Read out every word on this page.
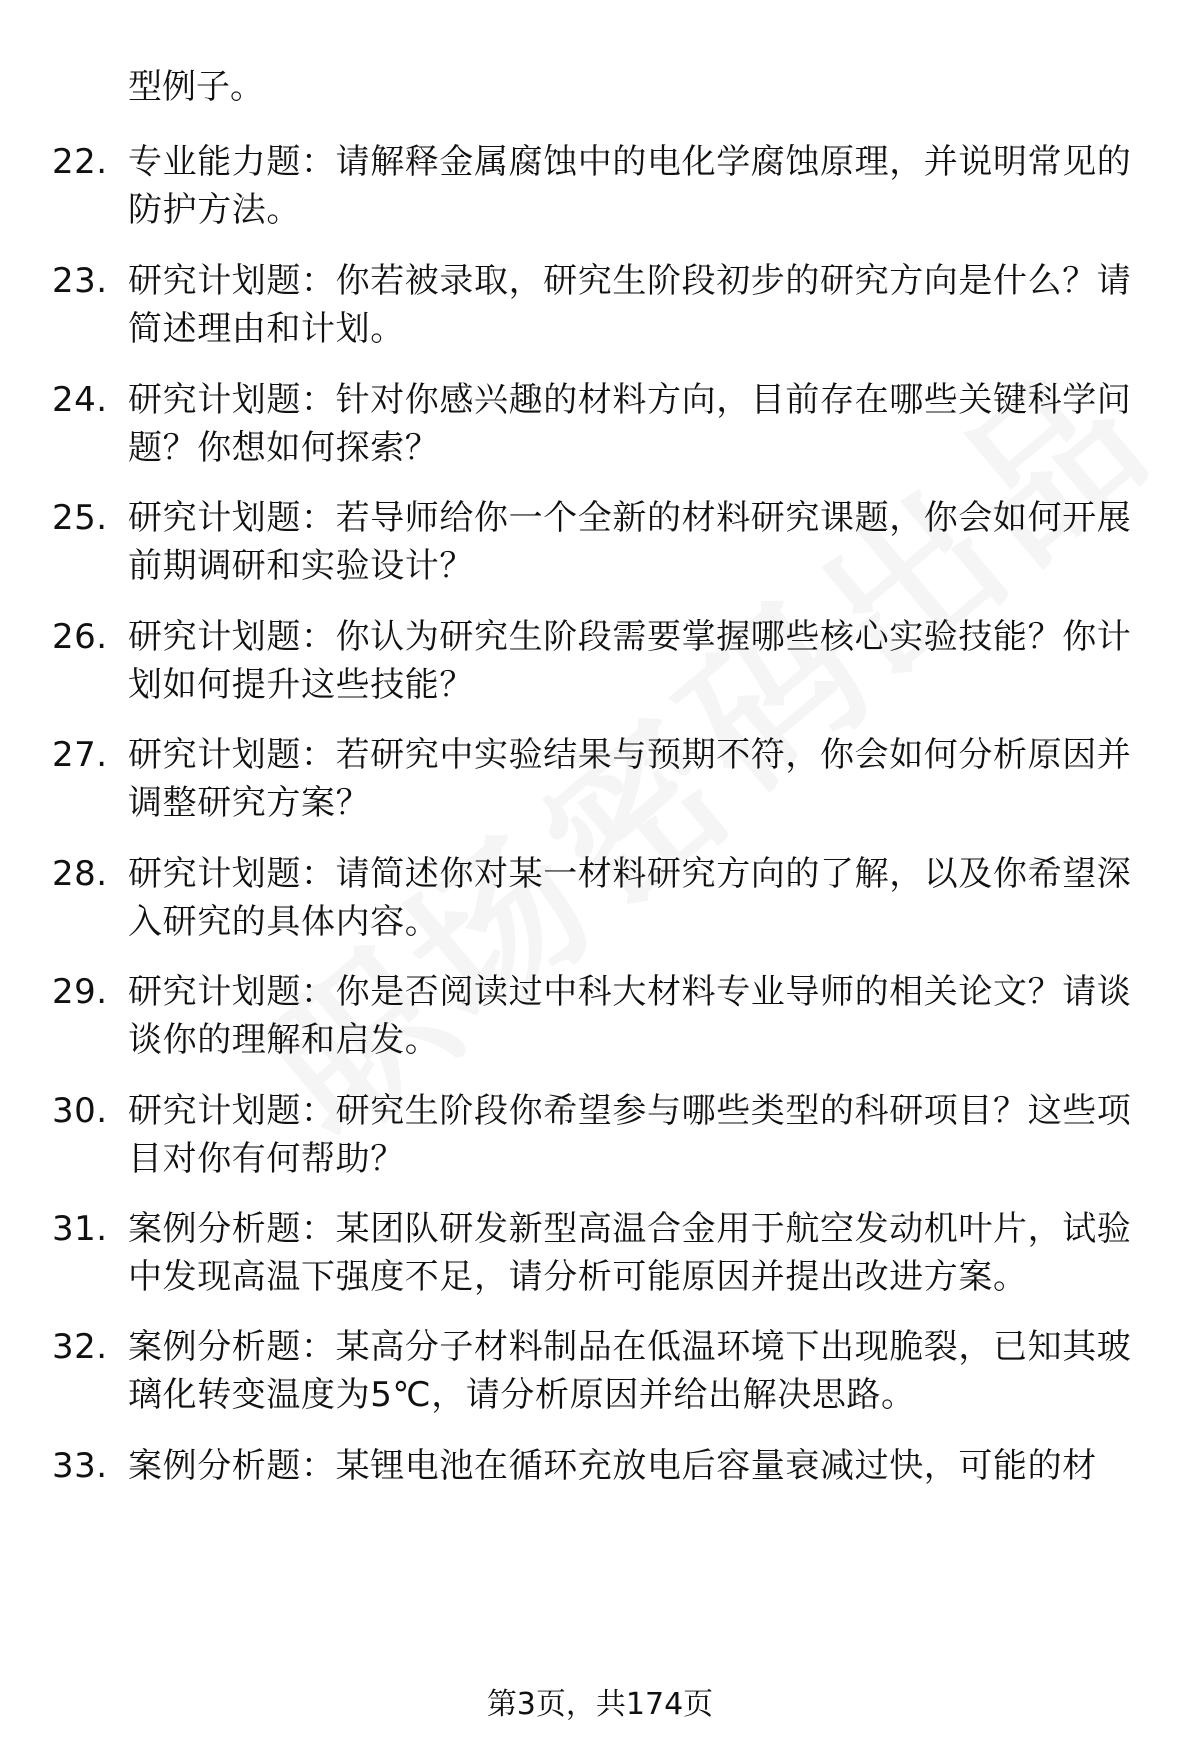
型例子。
22. 专业能力题：请解释金属腐蚀中的电化学腐蚀原理，并说明常见的防护方法。
23. 研究计划题：你若被录取，研究生阶段初步的研究方向是什么？请简述理由和计划。
24. 研究计划题：针对你感兴趣的材料方向，目前存在哪些关键科学问题？你想如何探索？
25. 研究计划题：若导师给你一个全新的材料研究课题，你会如何开展前期调研和实验设计？
26. 研究计划题：你认为研究生阶段需要掌握哪些核心实验技能？你计划如何提升这些技能？
27. 研究计划题：若研究中实验结果与预期不符，你会如何分析原因并调整研究方案？
28. 研究计划题：请简述你对某一材料研究方向的了解，以及你希望深入研究的具体内容。
29. 研究计划题：你是否阅读过中科大材料专业导师的相关论文？请谈谈你的理解和启发。
30. 研究计划题：研究生阶段你希望参与哪些类型的科研项目？这些项目对你有何帮助？
31. 案例分析题：某团队研发新型高温合金用于航空发动机叶片，试验中发现高温下强度不足，请分析可能原因并提出改进方案。
32. 案例分析题：某高分子材料制品在低温环境下出现脆裂，已知其玻璃化转变温度为5℃，请分析原因并给出解决思路。
33. 案例分析题：某锂电池在循环充放电后容量衰减过快，可能的材
第3页，共174页
